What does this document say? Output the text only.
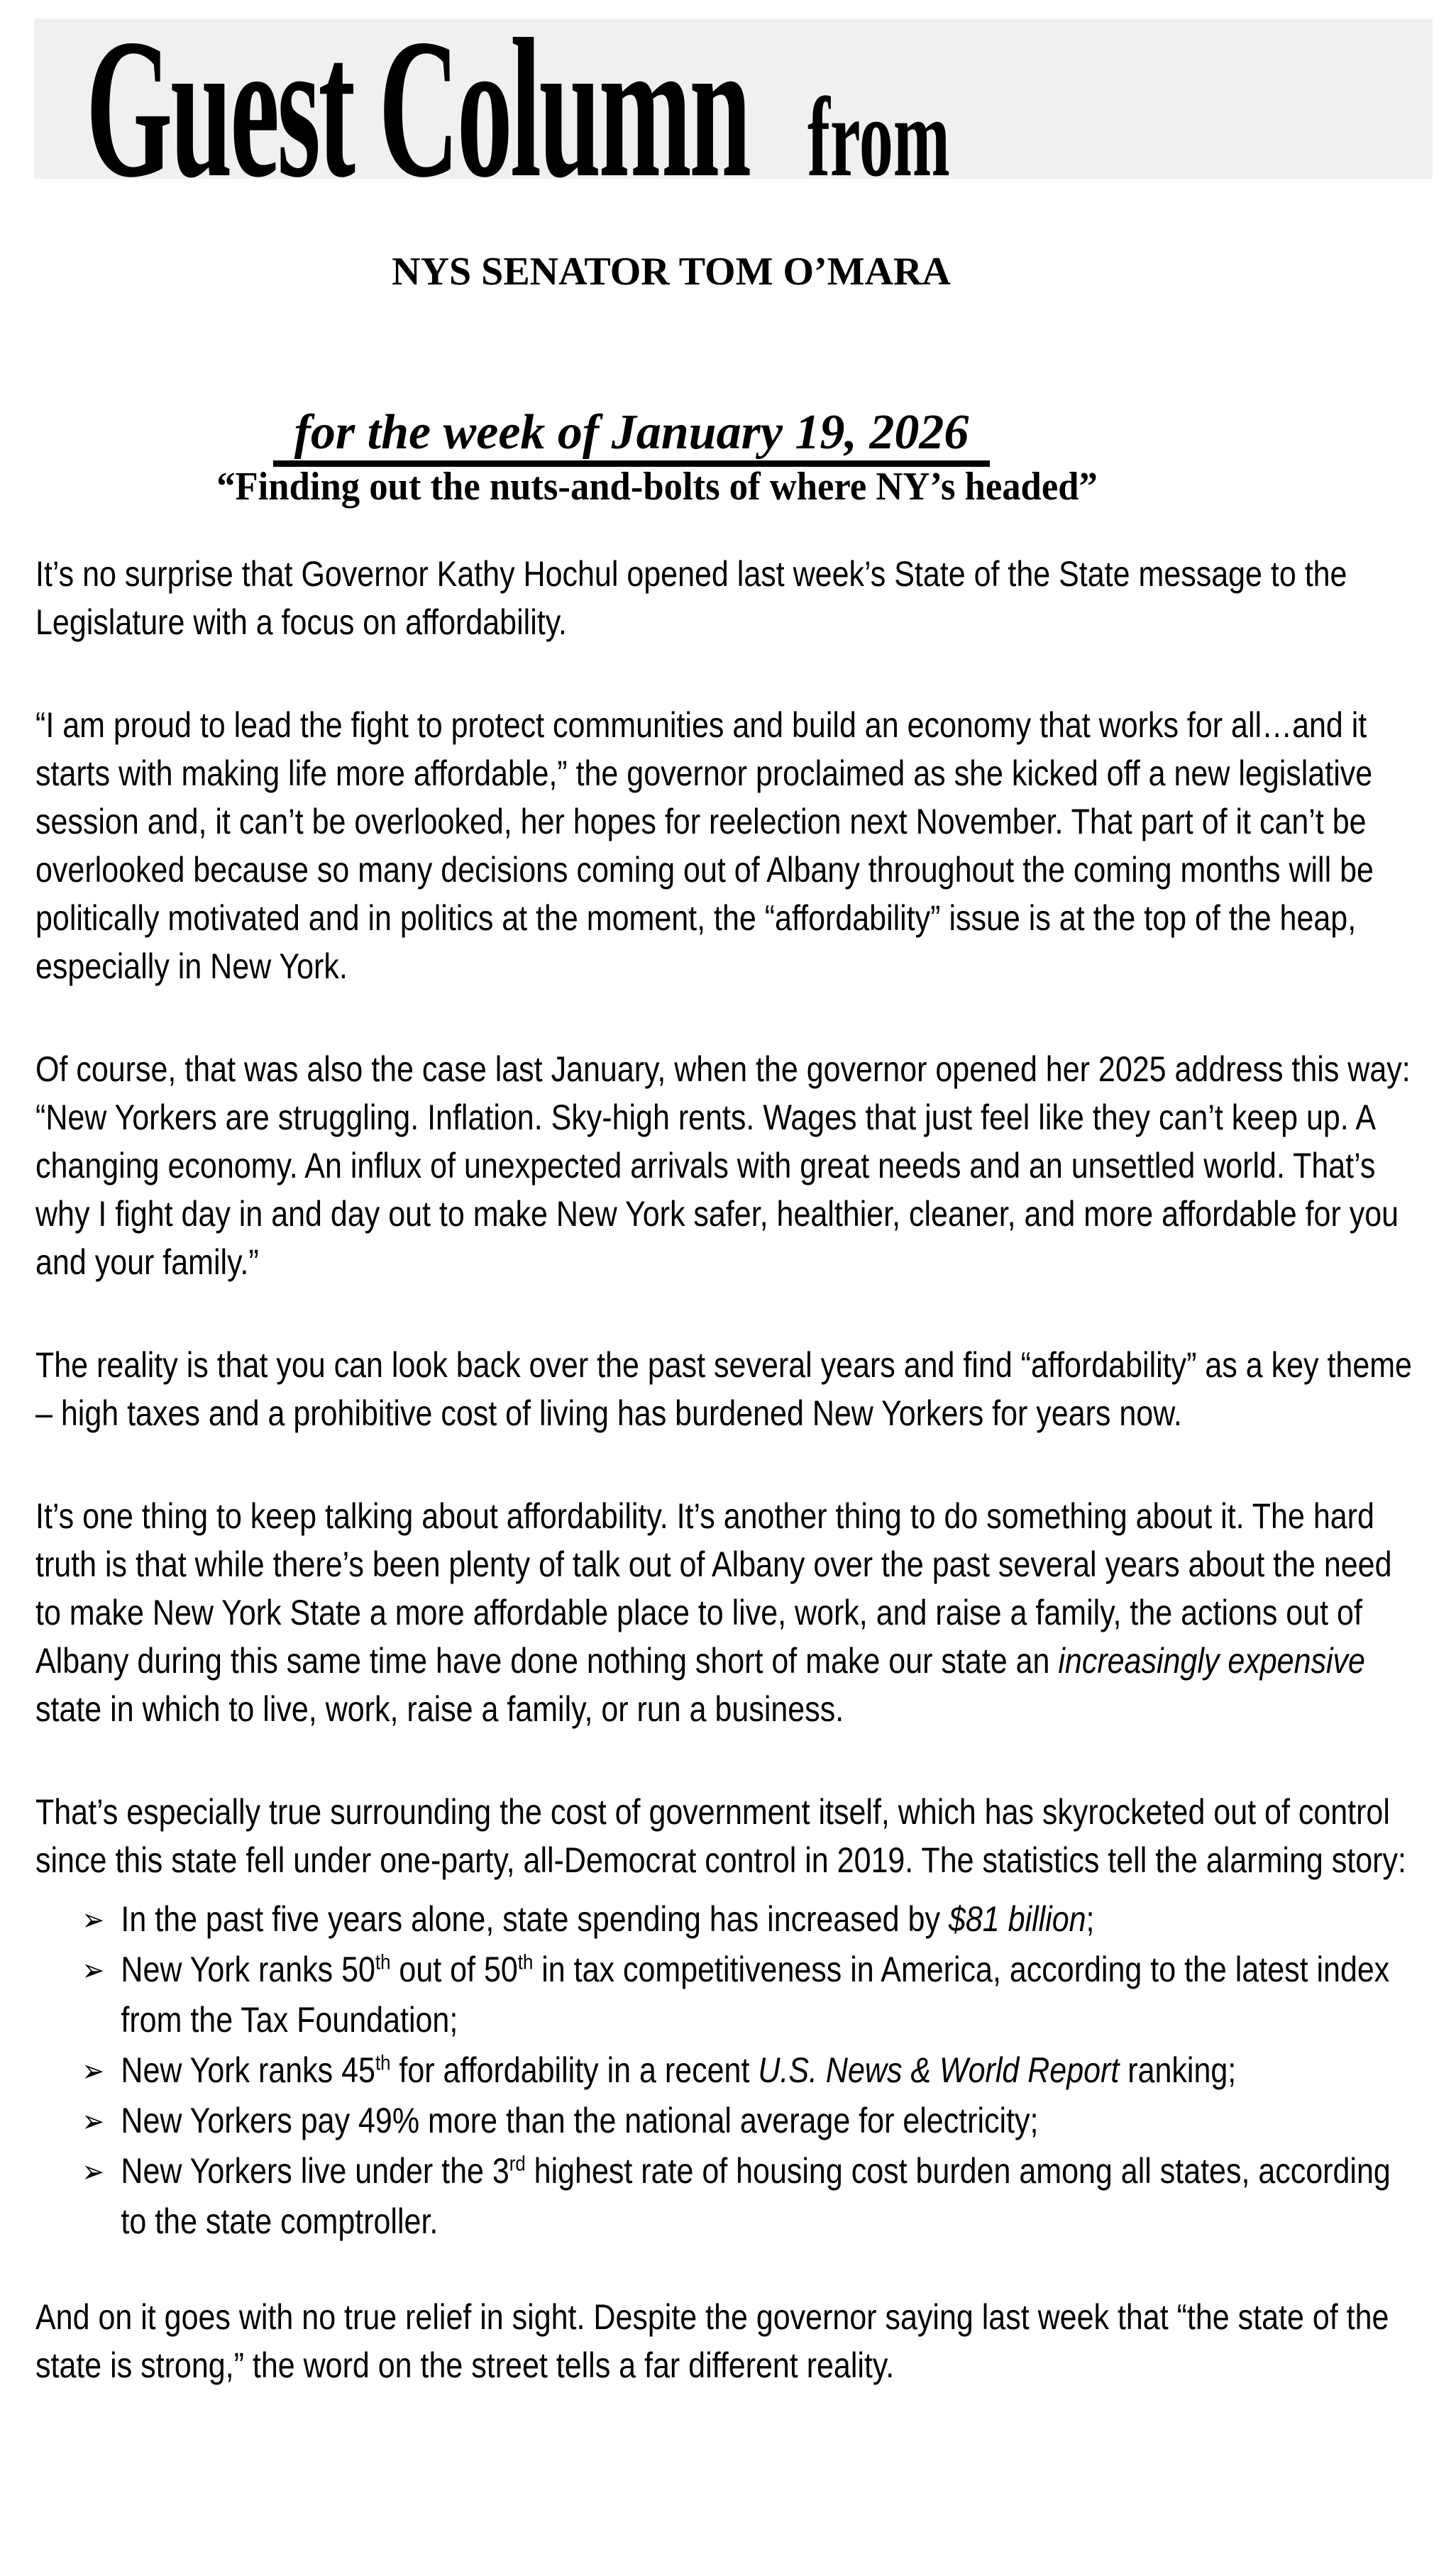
Guest Column from
NYS SENATOR TOM O’MARA
for the week of January 19, 2026
“Finding out the nuts-and-bolts of where NY’s headed”
It’s no surprise that Governor Kathy Hochul opened last week’s State of the State message to the Legislature with a focus on affordability.
“I am proud to lead the fight to protect communities and build an economy that works for all…and it starts with making life more affordable,” the governor proclaimed as she kicked off a new legislative session and, it can’t be overlooked, her hopes for reelection next November. That part of it can’t be overlooked because so many decisions coming out of Albany throughout the coming months will be politically motivated and in politics at the moment, the “affordability” issue is at the top of the heap, especially in New York.
Of course, that was also the case last January, when the governor opened her 2025 address this way: “New Yorkers are struggling. Inflation. Sky-high rents. Wages that just feel like they can’t keep up. A changing economy. An influx of unexpected arrivals with great needs and an unsettled world. That’s why I fight day in and day out to make New York safer, healthier, cleaner, and more affordable for you and your family.”
The reality is that you can look back over the past several years and find “affordability” as a key theme – high taxes and a prohibitive cost of living has burdened New Yorkers for years now.
It’s one thing to keep talking about affordability. It’s another thing to do something about it. The hard truth is that while there’s been plenty of talk out of Albany over the past several years about the need to make New York State a more affordable place to live, work, and raise a family, the actions out of Albany during this same time have done nothing short of make our state an increasingly expensive state in which to live, work, raise a family, or run a business.
That’s especially true surrounding the cost of government itself, which has skyrocketed out of control since this state fell under one-party, all-Democrat control in 2019. The statistics tell the alarming story:
➢ In the past five years alone, state spending has increased by $81 billion;
➢ New York ranks 50th out of 50th in tax competitiveness in America, according to the latest index from the Tax Foundation;
➢ New York ranks 45th for affordability in a recent U.S. News & World Report ranking;
➢ New Yorkers pay 49% more than the national average for electricity;
➢ New Yorkers live under the 3rd highest rate of housing cost burden among all states, according to the state comptroller.
And on it goes with no true relief in sight. Despite the governor saying last week that “the state of the state is strong,” the word on the street tells a far different reality.
